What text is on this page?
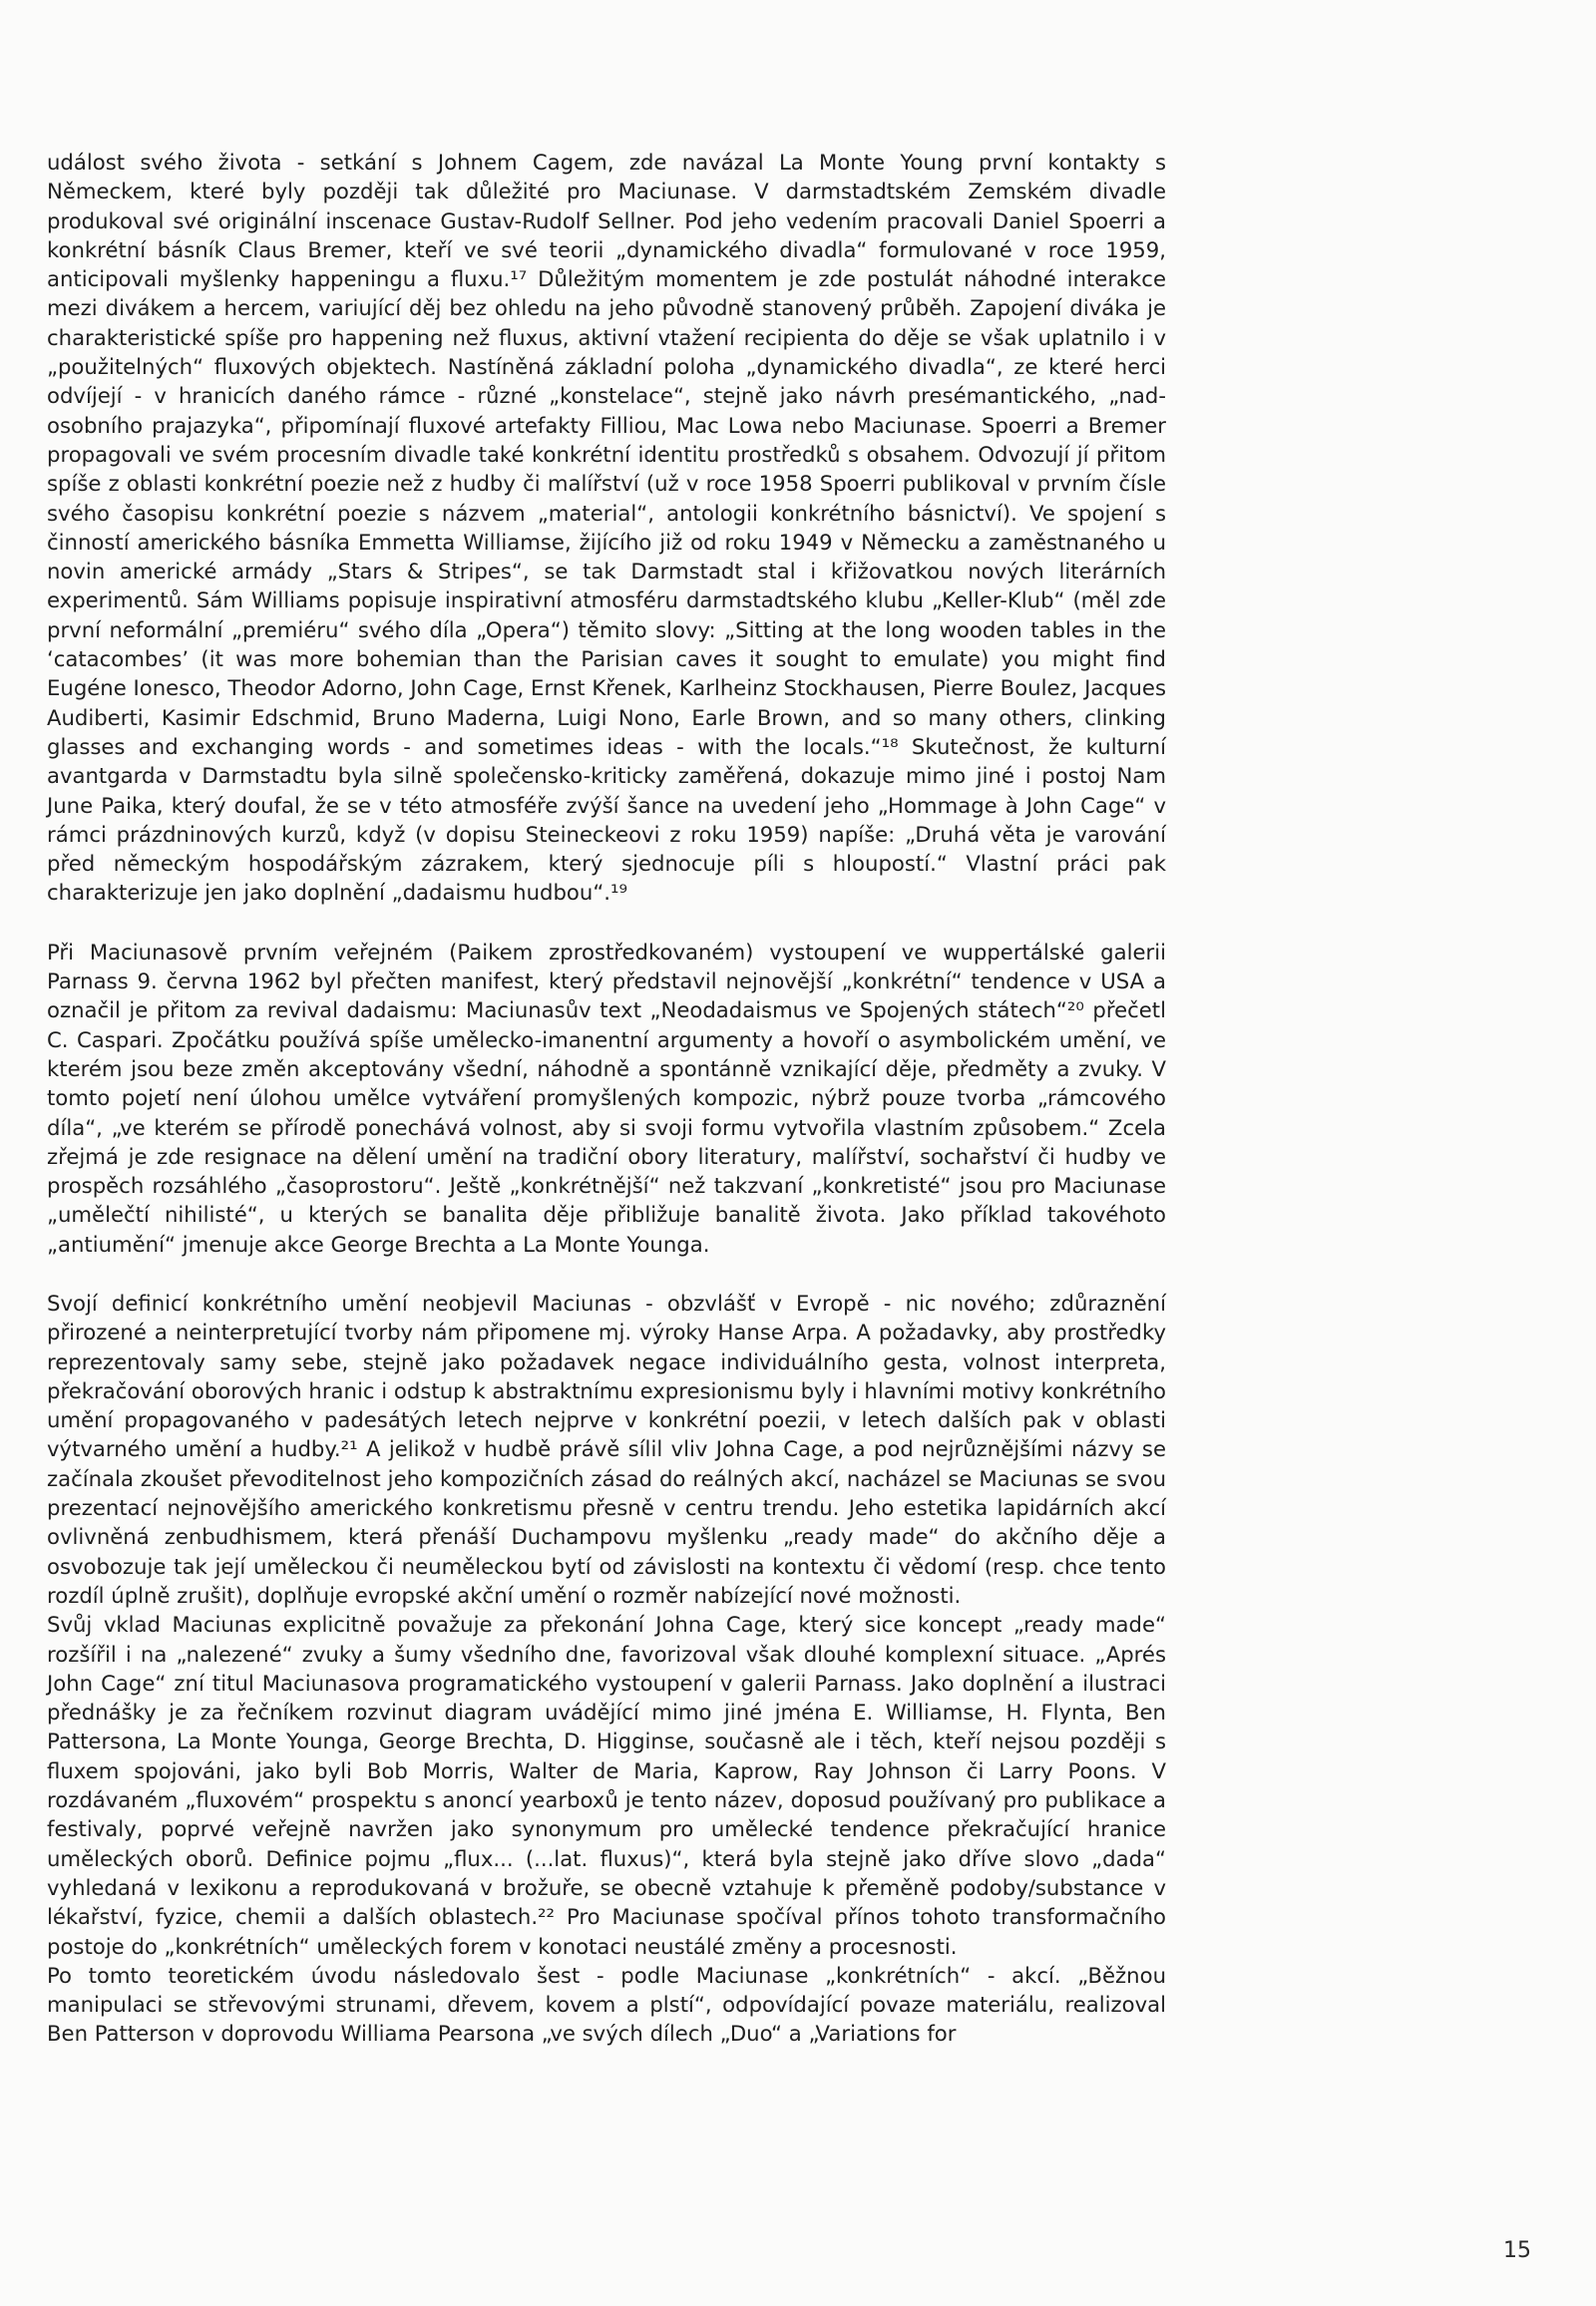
událost svého života - setkání s Johnem Cagem, zde navázal La Monte Young první kontakty s Německem, které byly později tak důležité pro Maciunase. V darmstadtském Zemském divadle produkoval své originální inscenace Gustav-Rudolf Sellner. Pod jeho vedením pracovali Daniel Spoerri a konkrétní básník Claus Bremer, kteří ve své teorii „dynamického divadla“ formulované v roce 1959, anticipovali myšlenky happeningu a fluxu.¹⁷ Důležitým momentem je zde postulát náhodné interakce mezi divákem a hercem, variující děj bez ohledu na jeho původně stanovený průběh. Zapojení diváka je charakteristické spíše pro happening než fluxus, aktivní vtažení recipienta do děje se však uplatnilo i v „použitelných“ fluxových objektech. Nastíněná základní poloha „dynamického divadla“, ze které herci odvíjejí - v hranicích daného rámce - různé „konstelace“, stejně jako návrh presémantického, „nad-osobního prajazyka“, připomínají fluxové artefakty Filliou, Mac Lowa nebo Maciunase. Spoerri a Bremer propagovali ve svém procesním divadle také konkrétní identitu prostředků s obsahem. Odvozují jí přitom spíše z oblasti konkrétní poezie než z hudby či malířství (už v roce 1958 Spoerri publikoval v prvním čísle svého časopisu konkrétní poezie s názvem „material“, antologii konkrétního básnictví). Ve spojení s činností amerického básníka Emmetta Williamse, žijícího již od roku 1949 v Německu a zaměstnaného u novin americké armády „Stars & Stripes“, se tak Darmstadt stal i křižovatkou nových literárních experimentů. Sám Williams popisuje inspirativní atmosféru darmstadtského klubu „Keller-Klub“ (měl zde první neformální „premiéru“ svého díla „Opera“) těmito slovy: „Sitting at the long wooden tables in the ʻcatacombesʼ (it was more bohemian than the Parisian caves it sought to emulate) you might find Eugéne Ionesco, Theodor Adorno, John Cage, Ernst Křenek, Karlheinz Stockhausen, Pierre Boulez, Jacques Audiberti, Kasimir Edschmid, Bruno Maderna, Luigi Nono, Earle Brown, and so many others, clinking glasses and exchanging words - and sometimes ideas - with the locals.“¹⁸ Skutečnost, že kulturní avantgarda v Darmstadtu byla silně společensko-kriticky zaměřená, dokazuje mimo jiné i postoj Nam June Paika, který doufal, že se v této atmosféře zvýší šance na uvedení jeho „Hommage à John Cage“ v rámci prázdninových kurzů, když (v dopisu Steineckeovi z roku 1959) napíše: „Druhá věta je varování před německým hospodářským zázrakem, který sjednocuje píli s hloupostí.“ Vlastní práci pak charakterizuje jen jako doplnění „dadaismu hudbou“.¹⁹

Při Maciunasově prvním veřejném (Paikem zprostředkovaném) vystoupení ve wuppertálské galerii Parnass 9. června 1962 byl přečten manifest, který představil nejnovější „konkrétní“ tendence v USA a označil je přitom za revival dadaismu: Maciunasův text „Neodadaismus ve Spojených státech“²⁰ přečetl C. Caspari. Zpočátku používá spíše umělecko-imanentní argumenty a hovoří o asymbolickém umění, ve kterém jsou beze změn akceptovány všední, náhodně a spontánně vznikající děje, předměty a zvuky. V tomto pojetí není úlohou umělce vytváření promyšlených kompozic, nýbrž pouze tvorba „rámcového díla“, „ve kterém se přírodě ponechává volnost, aby si svoji formu vytvořila vlastním způsobem.“ Zcela zřejmá je zde resignace na dělení umění na tradiční obory literatury, malířství, sochařství či hudby ve prospěch rozsáhlého „časoprostoru“. Ještě „konkrétnější“ než takzvaní „konkretisté“ jsou pro Maciunase „umělečtí nihilisté“, u kterých se banalita děje přibližuje banalitě života. Jako příklad takovéhoto „antiumění“ jmenuje akce George Brechta a La Monte Younga.

Svojí definicí konkrétního umění neobjevil Maciunas - obzvlášť v Evropě - nic nového; zdůraznění přirozené a neinterpretující tvorby nám připomene mj. výroky Hanse Arpa. A požadavky, aby prostředky reprezentovaly samy sebe, stejně jako požadavek negace individuálního gesta, volnost interpreta, překračování oborových hranic i odstup k abstraktnímu expresionismu byly i hlavními motivy konkrétního umění propagovaného v padesátých letech nejprve v konkrétní poezii, v letech dalších pak v oblasti výtvarného umění a hudby.²¹ A jelikož v hudbě právě sílil vliv Johna Cage, a pod nejrůznějšími názvy se začínala zkoušet převoditelnost jeho kompozičních zásad do reálných akcí, nacházel se Maciunas se svou prezentací nejnovějšího amerického konkretismu přesně v centru trendu. Jeho estetika lapidárních akcí ovlivněná zenbudhismem, která přenáší Duchampovu myšlenku „ready made“ do akčního děje a osvobozuje tak její uměleckou či neuměleckou bytí od závislosti na kontextu či vědomí (resp. chce tento rozdíl úplně zrušit), doplňuje evropské akční umění o rozměr nabízející nové možnosti.

Svůj vklad Maciunas explicitně považuje za překonání Johna Cage, který sice koncept „ready made“ rozšířil i na „nalezené“ zvuky a šumy všedního dne, favorizoval však dlouhé komplexní situace. „Aprés John Cage“ zní titul Maciunasova programatického vystoupení v galerii Parnass. Jako doplnění a ilustraci přednášky je za řečníkem rozvinut diagram uvádějící mimo jiné jména E. Williamse, H. Flynta, Ben Pattersona, La Monte Younga, George Brechta, D. Higginse, současně ale i těch, kteří nejsou později s fluxem spojováni, jako byli Bob Morris, Walter de Maria, Kaprow, Ray Johnson či Larry Poons. V rozdávaném „fluxovém“ prospektu s anoncí yearboxů je tento název, doposud používaný pro publikace a festivaly, poprvé veřejně navržen jako synonymum pro umělecké tendence překračující hranice uměleckých oborů. Definice pojmu „flux... (...lat. fluxus)“, která byla stejně jako dříve slovo „dada“ vyhledaná v lexikonu a reprodukovaná v brožuře, se obecně vztahuje k přeměně podoby/substance v lékařství, fyzice, chemii a dalších oblastech.²² Pro Maciunase spočíval přínos tohoto transformačního postoje do „konkrétních“ uměleckých forem v konotaci neustálé změny a procesnosti.

Po tomto teoretickém úvodu následovalo šest - podle Maciunase „konkrétních“ - akcí. „Běžnou manipulaci se střevovými strunami, dřevem, kovem a plstí“, odpovídající povaze materiálu, realizoval Ben Patterson v doprovodu Williama Pearsona „ve svých dílech „Duo“ a „Variations for

15
